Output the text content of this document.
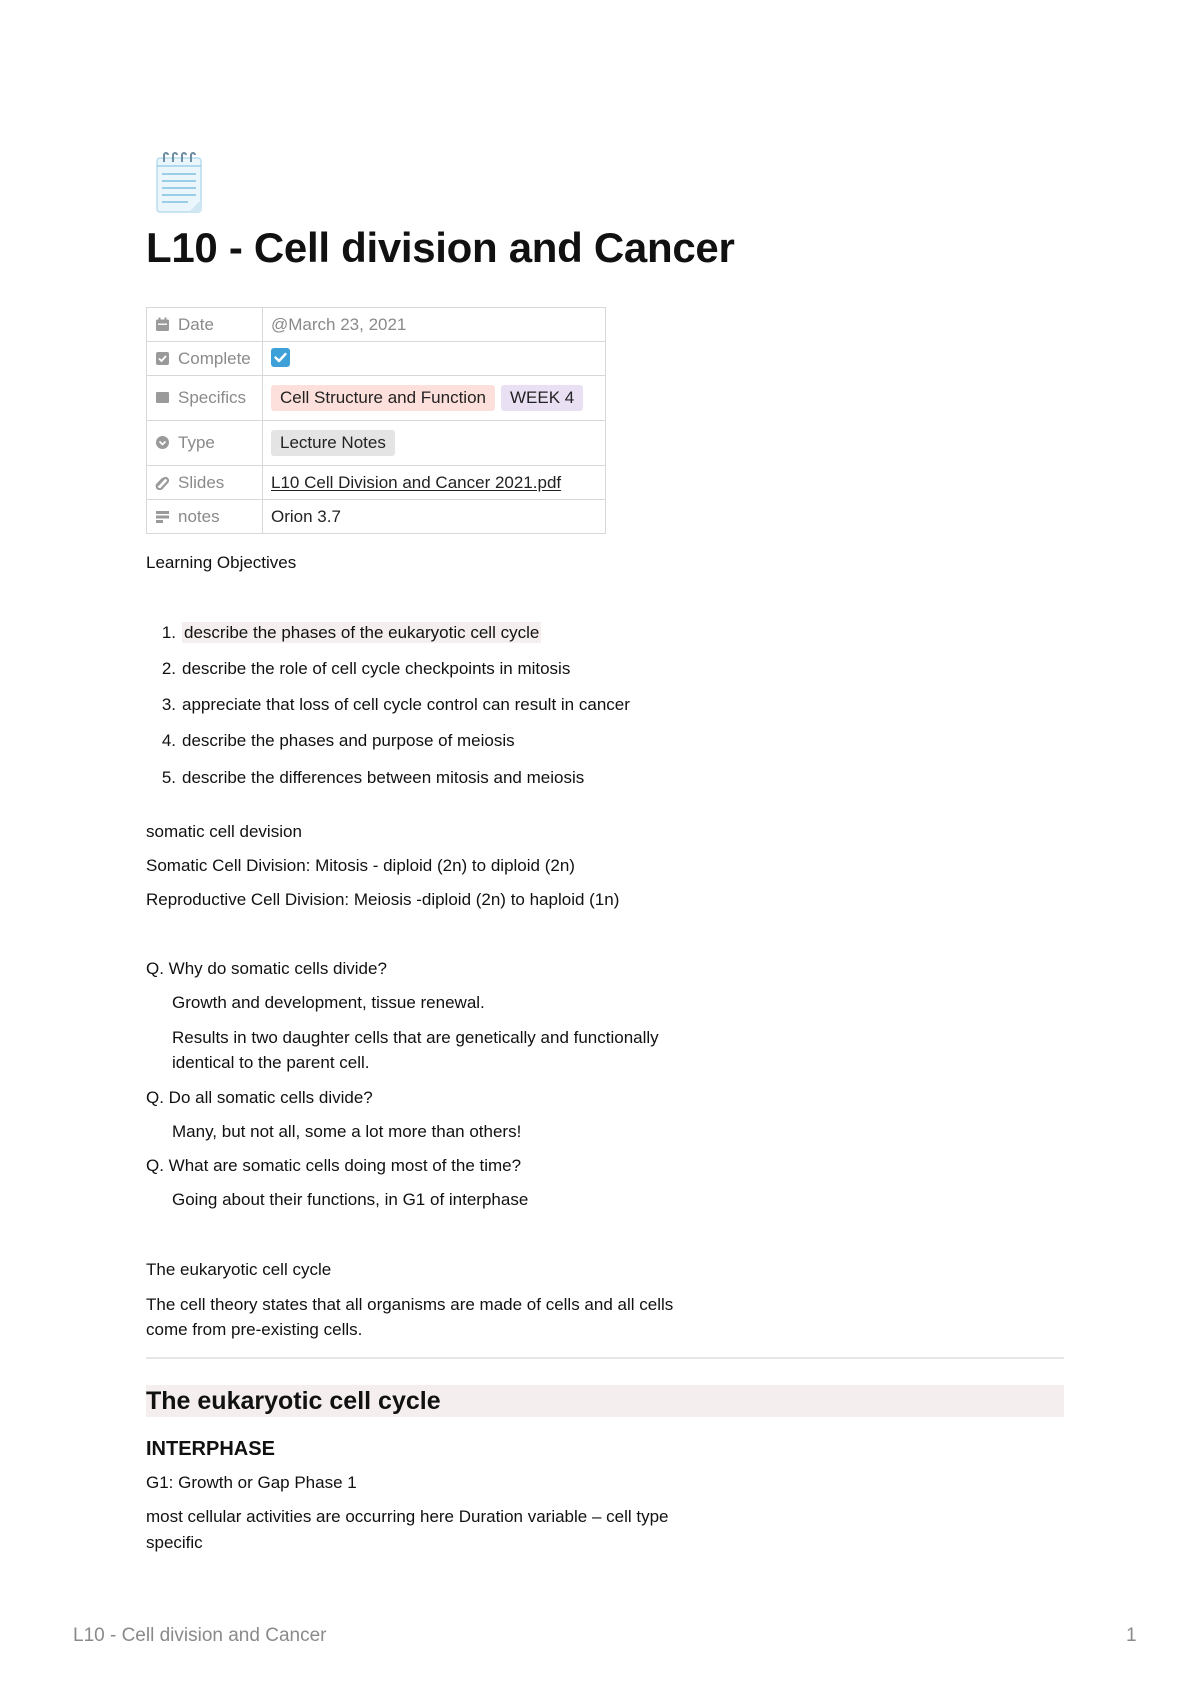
L10 - Cell division and Cancer
Date	@March 23, 2021

Complete	

Specifics	Cell Structure and Function WEEK 4

Type	Lecture Notes

Slides	L10 Cell Division and Cancer 2021.pdf

notes	Orion 3.7
Learning Objectives
1. describe the phases of the eukaryotic cell cycle
2. describe the role of cell cycle checkpoints in mitosis
3. appreciate that loss of cell cycle control can result in cancer
4. describe the phases and purpose of meiosis
5. describe the differences between mitosis and meiosis
somatic cell devision
Somatic Cell Division: Mitosis - diploid (2n) to diploid (2n)
Reproductive Cell Division: Meiosis -diploid (2n) to haploid (1n)
Q. Why do somatic cells divide?
Growth and development, tissue renewal.
Results in two daughter cells that are genetically and functionally
identical to the parent cell.
Q. Do all somatic cells divide?
Many, but not all, some a lot more than others!
Q. What are somatic cells doing most of the time?
Going about their functions, in G1 of interphase
The eukaryotic cell cycle
The cell theory states that all organisms are made of cells and all cells
come from pre-existing cells.
The eukaryotic cell cycle
INTERPHASE
G1: Growth or Gap Phase 1
most cellular activities are occurring here Duration variable – cell type
specific
L10 - Cell division and Cancer	1
